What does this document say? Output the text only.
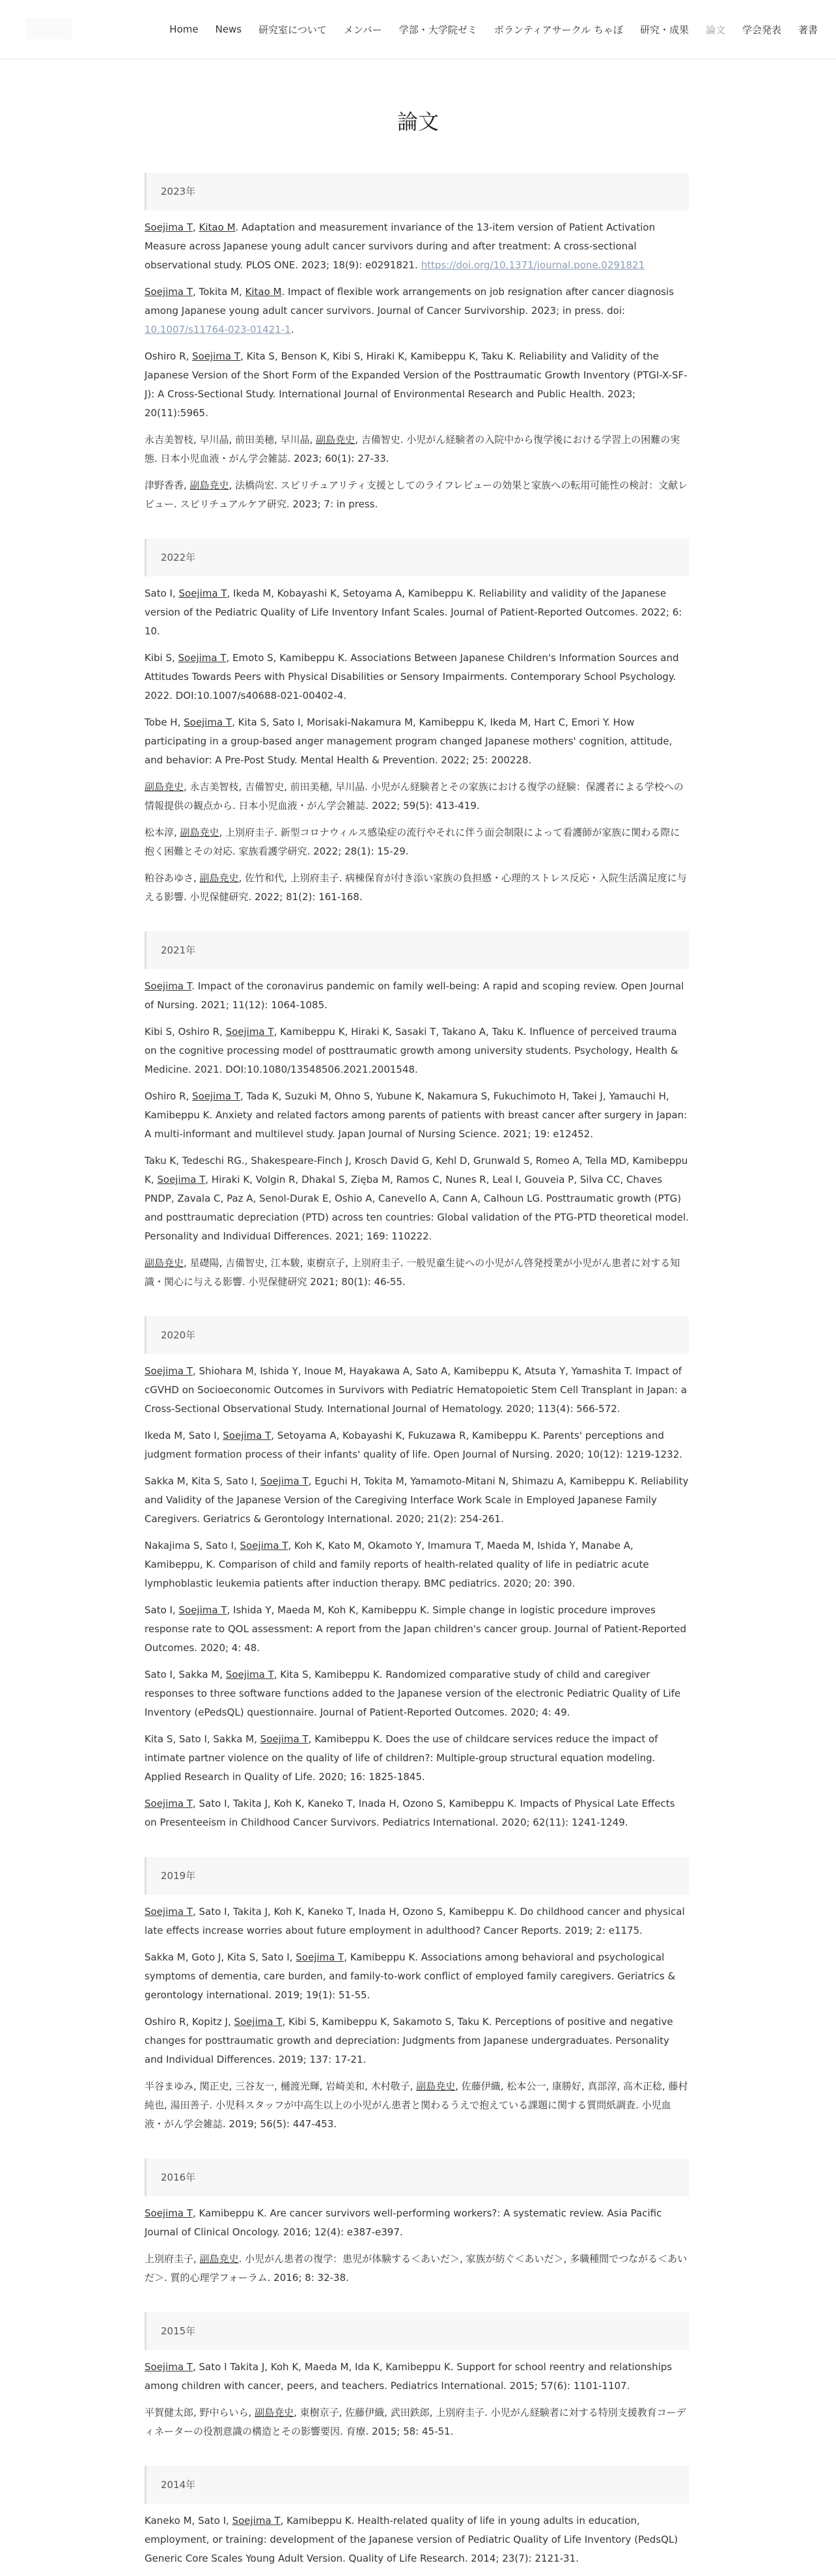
Home News 研究室について メンバー 学部・大学院ゼミ ボランティアサークル ちゃぼ 研究・成果 論文 学会発表 著書
論文
2023年

Soejima T, Kitao M. Adaptation and measurement invariance of the 13-item version of Patient Activation Measure across Japanese young adult cancer survivors during and after treatment: A cross-sectional observational study. PLOS ONE. 2023; 18(9): e0291821. https://doi.org/10.1371/journal.pone.0291821

Soejima T, Tokita M, Kitao M. Impact of flexible work arrangements on job resignation after cancer diagnosis among Japanese young adult cancer survivors. Journal of Cancer Survivorship. 2023; in press. doi: 10.1007/s11764-023-01421-1.

Oshiro R, Soejima T, Kita S, Benson K, Kibi S, Hiraki K, Kamibeppu K, Taku K. Reliability and Validity of the Japanese Version of the Short Form of the Expanded Version of the Posttraumatic Growth Inventory (PTGI-X-SF-J): A Cross-Sectional Study. International Journal of Environmental Research and Public Health. 2023; 20(11):5965.

永吉美智枝, 早川晶, 前田美穂, 早川晶, 副島尭史, 吉備智史. 小児がん経験者の入院中から復学後における学習上の困難の実態. 日本小児血液・がん学会雑誌. 2023; 60(1): 27-33.

津野香香, 副島尭史, 法橋尚宏. スピリチュアリティ支援としてのライフレビューの効果と家族への転用可能性の検討：文献レビュー. スピリチュアルケア研究. 2023; 7: in press.

2022年

Sato I, Soejima T, Ikeda M, Kobayashi K, Setoyama A, Kamibeppu K. Reliability and validity of the Japanese version of the Pediatric Quality of Life Inventory Infant Scales. Journal of Patient-Reported Outcomes. 2022; 6: 10.

Kibi S, Soejima T, Emoto S, Kamibeppu K. Associations Between Japanese Children's Information Sources and Attitudes Towards Peers with Physical Disabilities or Sensory Impairments. Contemporary School Psychology. 2022. DOI:10.1007/s40688-021-00402-4.

Tobe H, Soejima T, Kita S, Sato I, Morisaki-Nakamura M, Kamibeppu K, Ikeda M, Hart C, Emori Y. How participating in a group-based anger management program changed Japanese mothers' cognition, attitude, and behavior: A Pre-Post Study. Mental Health & Prevention. 2022; 25: 200228.

副島尭史, 永吉美智枝, 吉備智史, 前田美穂, 早川晶. 小児がん経験者とその家族における復学の経験：保護者による学校への情報提供の観点から. 日本小児血液・がん学会雑誌. 2022; 59(5): 413-419.

松本淳, 副島尭史, 上別府圭子. 新型コロナウィルス感染症の流行やそれに伴う面会制限によって看護師が家族に関わる際に抱く困難とその対応. 家族看護学研究. 2022; 28(1): 15-29.

粕谷あゆさ, 副島尭史, 佐竹和代, 上別府圭子. 病棟保育が付き添い家族の負担感・心理的ストレス反応・入院生活満足度に与える影響. 小児保健研究. 2022; 81(2): 161-168.

2021年

Soejima T. Impact of the coronavirus pandemic on family well-being: A rapid and scoping review. Open Journal of Nursing. 2021; 11(12): 1064-1085.

Kibi S, Oshiro R, Soejima T, Kamibeppu K, Hiraki K, Sasaki T, Takano A, Taku K. Influence of perceived trauma on the cognitive processing model of posttraumatic growth among university students. Psychology, Health & Medicine. 2021. DOI:10.1080/13548506.2021.2001548.

Oshiro R, Soejima T, Tada K, Suzuki M, Ohno S, Yubune K, Nakamura S, Fukuchimoto H, Takei J, Yamauchi H, Kamibeppu K. Anxiety and related factors among parents of patients with breast cancer after surgery in Japan: A multi-informant and multilevel study. Japan Journal of Nursing Science. 2021; 19: e12452.

Taku K, Tedeschi RG., Shakespeare-Finch J, Krosch David G, Kehl D, Grunwald S, Romeo A, Tella MD, Kamibeppu K, Soejima T, Hiraki K, Volgin R, Dhakal S, Zięba M, Ramos C, Nunes R, Leal I, Gouveia P, Silva CC, Chaves PNDP, Zavala C, Paz A, Senol-Durak E, Oshio A, Canevello A, Cann A, Calhoun LG. Posttraumatic growth (PTG) and posttraumatic depreciation (PTD) across ten countries: Global validation of the PTG-PTD theoretical model. Personality and Individual Differences. 2021; 169: 110222.

副島尭史, 星礎陽, 吉備智史, 江本駿, 東樹京子, 上別府圭子. 一般児童生徒への小児がん啓発授業が小児がん患者に対する知識・関心に与える影響. 小児保健研究 2021; 80(1): 46-55.

2020年

Soejima T, Shiohara M, Ishida Y, Inoue M, Hayakawa A, Sato A, Kamibeppu K, Atsuta Y, Yamashita T. Impact of cGVHD on Socioeconomic Outcomes in Survivors with Pediatric Hematopoietic Stem Cell Transplant in Japan: a Cross-Sectional Observational Study. International Journal of Hematology. 2020; 113(4): 566-572.

Ikeda M, Sato I, Soejima T, Setoyama A, Kobayashi K, Fukuzawa R, Kamibeppu K. Parents' perceptions and judgment formation process of their infants' quality of life. Open Journal of Nursing. 2020; 10(12): 1219-1232.

Sakka M, Kita S, Sato I, Soejima T, Eguchi H, Tokita M, Yamamoto-Mitani N, Shimazu A, Kamibeppu K. Reliability and Validity of the Japanese Version of the Caregiving Interface Work Scale in Employed Japanese Family Caregivers. Geriatrics & Gerontology International. 2020; 21(2): 254-261.

Nakajima S, Sato I, Soejima T, Koh K, Kato M, Okamoto Y, Imamura T, Maeda M, Ishida Y, Manabe A, Kamibeppu, K. Comparison of child and family reports of health-related quality of life in pediatric acute lymphoblastic leukemia patients after induction therapy. BMC pediatrics. 2020; 20: 390.

Sato I, Soejima T, Ishida Y, Maeda M, Koh K, Kamibeppu K. Simple change in logistic procedure improves response rate to QOL assessment: A report from the Japan children's cancer group. Journal of Patient-Reported Outcomes. 2020; 4: 48.

Sato I, Sakka M, Soejima T, Kita S, Kamibeppu K. Randomized comparative study of child and caregiver responses to three software functions added to the Japanese version of the electronic Pediatric Quality of Life Inventory (ePedsQL) questionnaire. Journal of Patient-Reported Outcomes. 2020; 4: 49.

Kita S, Sato I, Sakka M, Soejima T, Kamibeppu K. Does the use of childcare services reduce the impact of intimate partner violence on the quality of life of children?: Multiple-group structural equation modeling. Applied Research in Quality of Life. 2020; 16: 1825-1845.

Soejima T, Sato I, Takita J, Koh K, Kaneko T, Inada H, Ozono S, Kamibeppu K. Impacts of Physical Late Effects on Presenteeism in Childhood Cancer Survivors. Pediatrics International. 2020; 62(11): 1241-1249.

2019年

Soejima T, Sato I, Takita J, Koh K, Kaneko T, Inada H, Ozono S, Kamibeppu K. Do childhood cancer and physical late effects increase worries about future employment in adulthood? Cancer Reports. 2019; 2: e1175.

Sakka M, Goto J, Kita S, Sato I, Soejima T, Kamibeppu K. Associations among behavioral and psychological symptoms of dementia, care burden, and family-to-work conflict of employed family caregivers. Geriatrics & gerontology international. 2019; 19(1): 51-55.

Oshiro R, Kopitz J, Soejima T, Kibi S, Kamibeppu K, Sakamoto S, Taku K. Perceptions of positive and negative changes for posttraumatic growth and depreciation: Judgments from Japanese undergraduates. Personality and Individual Differences. 2019; 137: 17-21.

半谷まゆみ, 関正史, 三谷友一, 樋渡光輝, 岩崎美和, 木村敬子, 副島尭史, 佐藤伊織, 松本公一, 康勝好, 真部淳, 高木正稔, 藤村純也, 湯田善子. 小児科スタッフが中高生以上の小児がん患者と関わるうえで抱えている課題に関する質問紙調査. 小児血液・がん学会雑誌. 2019; 56(5): 447-453.

2016年

Soejima T, Kamibeppu K. Are cancer survivors well-performing workers?: A systematic review. Asia Pacific Journal of Clinical Oncology. 2016; 12(4): e387-e397.

上別府圭子, 副島尭史. 小児がん患者の復学：患児が体験する＜あいだ＞, 家族が紡ぐ＜あいだ＞, 多職種間でつながる＜あいだ＞. 質的心理学フォーラム. 2016; 8: 32-38.

2015年

Soejima T, Sato I Takita J, Koh K, Maeda M, Ida K, Kamibeppu K. Support for school reentry and relationships among children with cancer, peers, and teachers. Pediatrics International. 2015; 57(6): 1101-1107.

平賀健太郎, 野中らいら, 副島尭史, 東樹京子, 佐藤伊織, 武田鉄郎, 上別府圭子. 小児がん経験者に対する特別支援教育コーディネーターの役割意識の構造とその影響要因. 育療. 2015; 58: 45-51.

2014年

Kaneko M, Sato I, Soejima T, Kamibeppu K. Health-related quality of life in young adults in education, employment, or training: development of the Japanese version of Pediatric Quality of Life Inventory (PedsQL) Generic Core Scales Young Adult Version. Quality of Life Research. 2014; 23(7): 2121-31.
